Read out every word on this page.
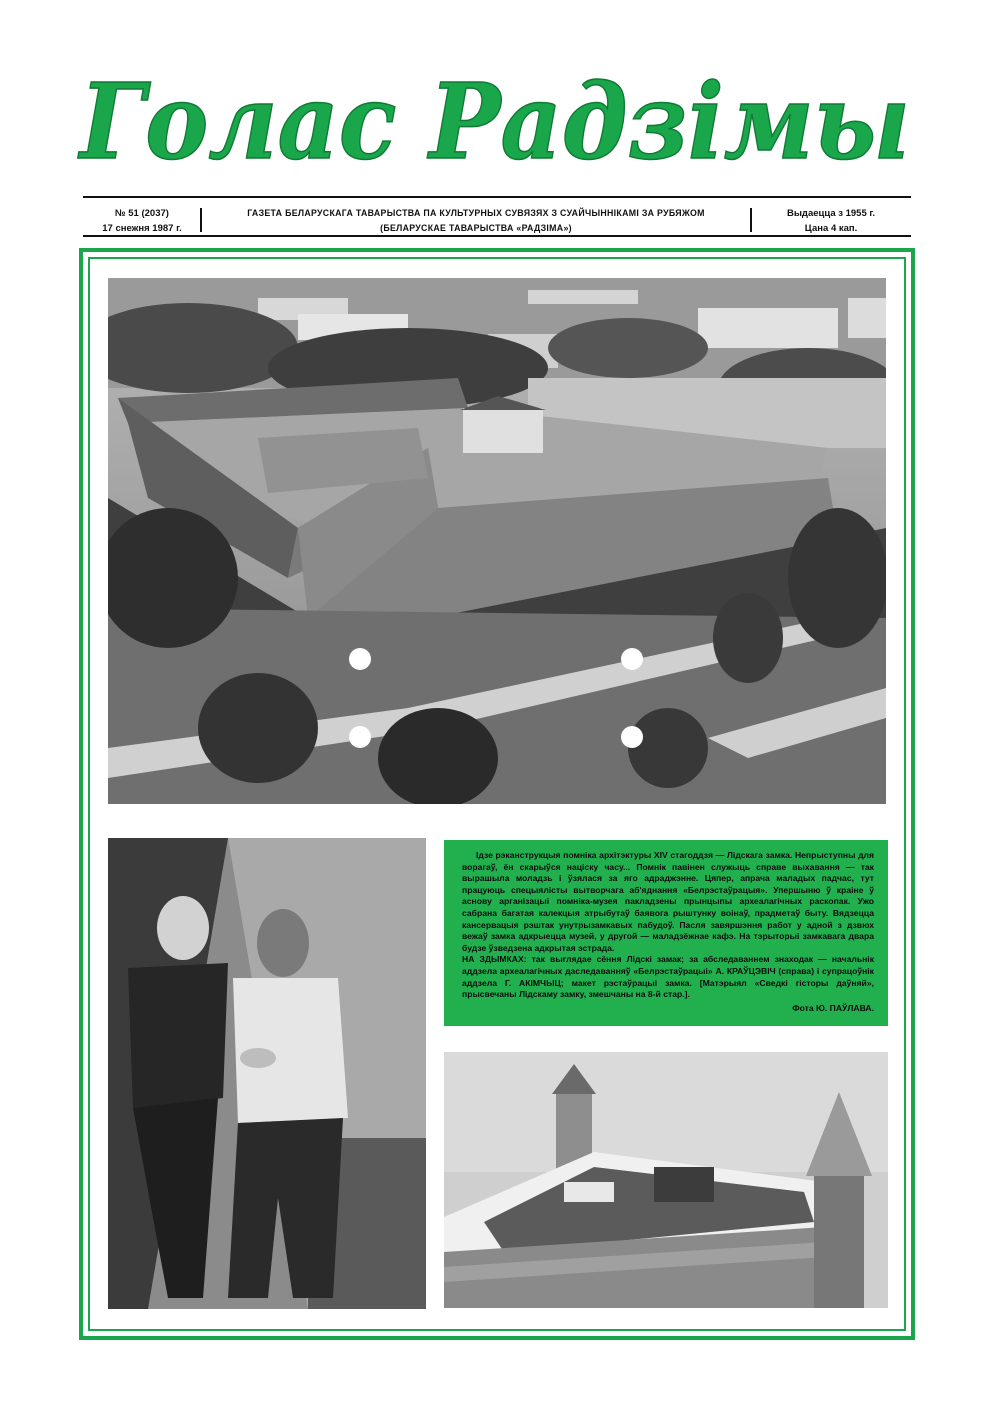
Голас Радзімы
№ 51 (2037)
17 снежня 1987 г.
ГАЗЕТА БЕЛАРУСКАГА ТАВАРЫСТВА ПА КУЛЬТУРНЫХ СУВЯЗЯХ З СУАЙЧЫННІКАМІ ЗА РУБЯЖОМ
(БЕЛАРУСКАЕ ТАВАРЫСТВА «РАДЗІМА»)
Выдаецца з 1955 г.
Цана 4 кап.

Ідзе рэканструкцыя помніка архітэктуры XIV стагоддзя — Лідскага замка. Непрыступны для ворагаў, ён скарыўся націску часу... Помнік павінен служыць справе выхавання — так вырашыла моладзь і ўзялася за яго адраджэнне. Цяпер, апрача маладых падчас, тут працуюць спецыялісты вытворчага аб'яднання «Белрэстаўрацыя». Упершыню ў краіне ў аснову арганізацыі помніка-музея пакладзены прынцыпы археалагічных раскопак. Ужо сабрана багатая калекцыя атрыбутаў баявога рыштунку воінаў, прадметаў быту. Вядзецца кансервацыя рэштак унутрызамкавых пабудоў. Пасля завяршэння работ у адной з дзвюх вежаў замка адкрыецца музей, у другой — маладзёжнае кафэ. На тэрыторыі замкавага двара будзе ўзведзена адкрытая эстрада.

НА ЗДЫМКАХ: так выглядае сёння Лідскі замак; за абследаваннем знаходак — начальнік аддзела археалагічных даследаванняў «Белрэстаўрацыі» А. КРАЎЦЭВІЧ (справа) і супрацоўнік аддзела Г. АКІМЧЫЦ; макет рэстаўрацыі замка. [Матэрыял «Сведкі гісторы даўняй», прысвечаны Лідскаму замку, змешчаны на 8-й стар.].

Фота Ю. ПАЎЛАВА.
